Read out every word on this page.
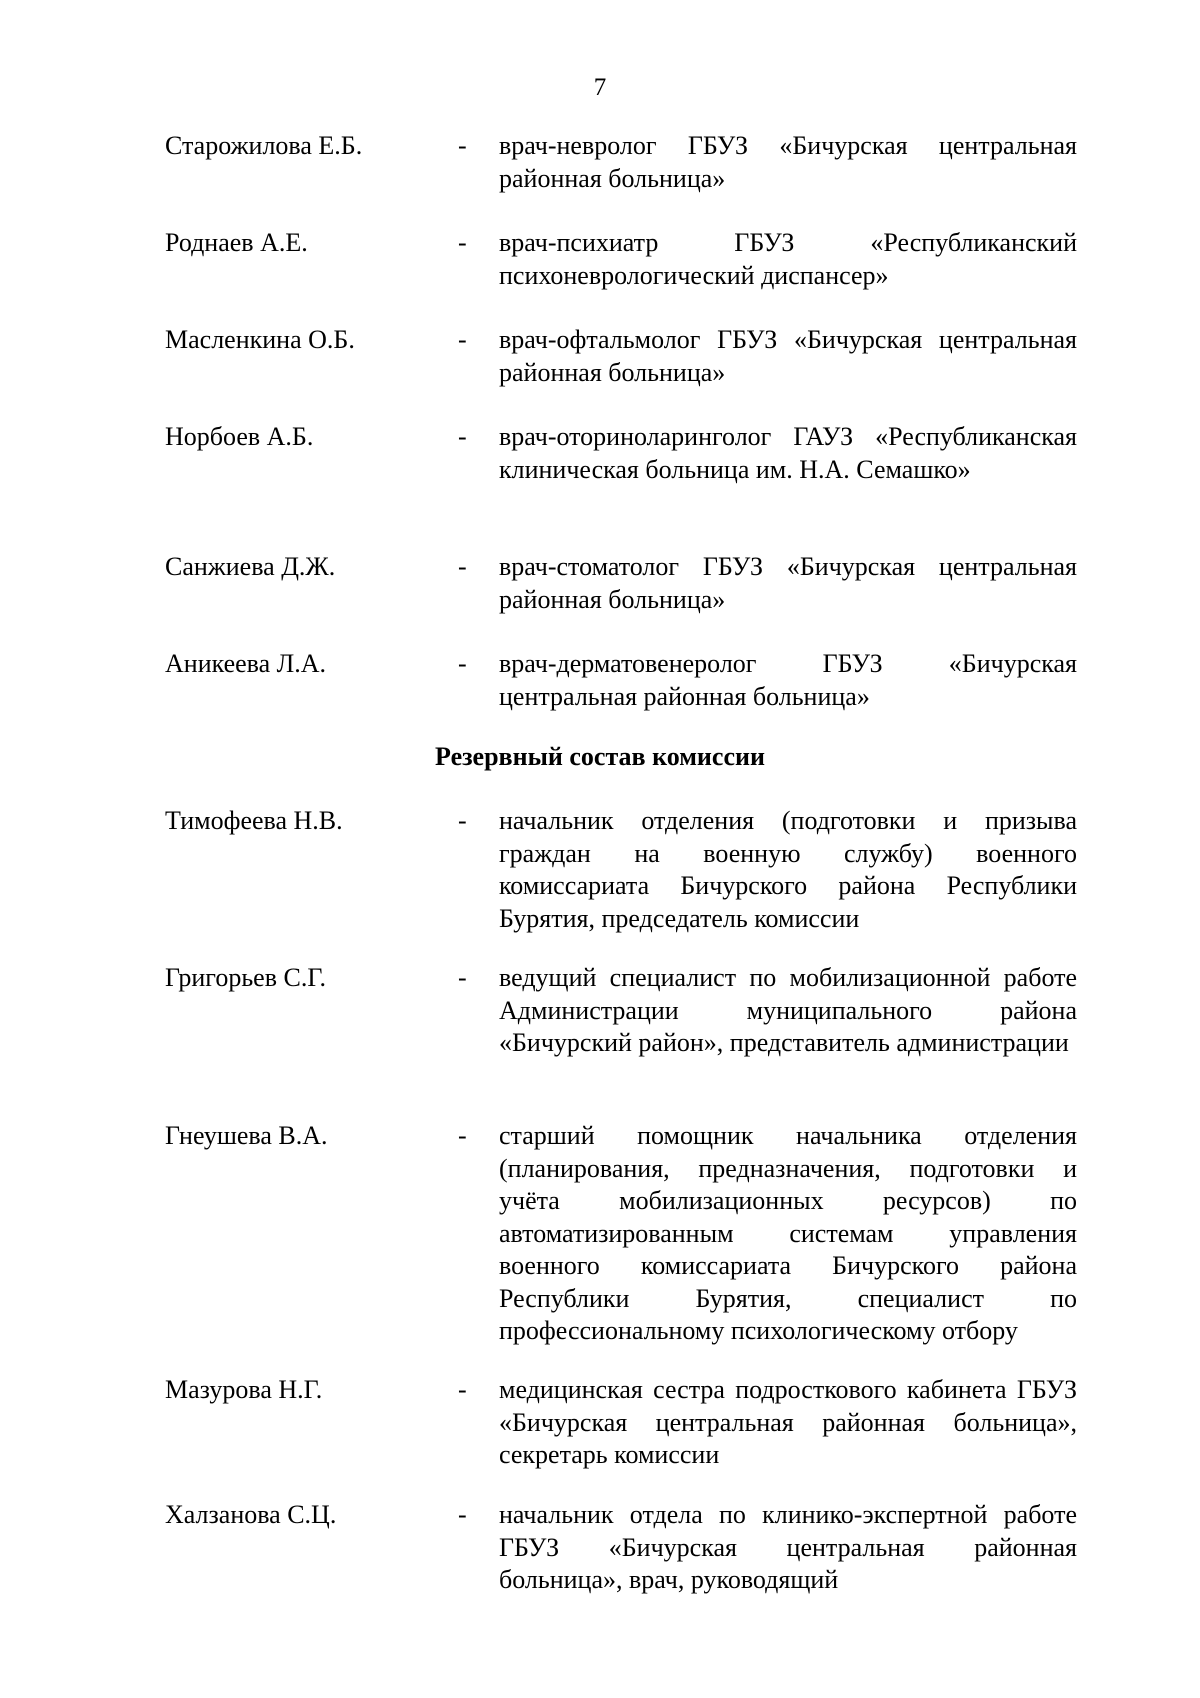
7
Старожилова Е.Б.	- врач-невролог ГБУЗ «Бичурская центральная районная больница»
Роднаев А.Е.	- врач-психиатр ГБУЗ «Республиканский психоневрологический диспансер»
Масленкина О.Б.	- врач-офтальмолог ГБУЗ «Бичурская центральная районная больница»
Норбоев А.Б.	- врач-оториноларинголог ГАУЗ «Республиканская клиническая больница им. Н.А. Семашко»
Санжиева Д.Ж.	- врач-стоматолог ГБУЗ «Бичурская центральная районная больница»
Аникеева Л.А.	- врач-дерматовенеролог ГБУЗ «Бичурская центральная районная больница»
Резервный состав комиссии
Тимофеева Н.В.	- начальник отделения (подготовки и призыва граждан на военную службу) военного комиссариата Бичурского района Республики Бурятия, председатель комиссии
Григорьев С.Г.	- ведущий специалист по мобилизационной работе Администрации муниципального района «Бичурский район», представитель администрации
Гнеушева В.А.	- старший помощник начальника отделения (планирования, предназначения, подготовки и учёта мобилизационных ресурсов) по автоматизированным системам управления военного комиссариата Бичурского района Республики Бурятия, специалист по профессиональному психологическому отбору
Мазурова Н.Г.	- медицинская сестра подросткового кабинета ГБУЗ «Бичурская центральная районная больница», секретарь комиссии
Халзанова С.Ц.	- начальник отдела по клинико-экспертной работе ГБУЗ «Бичурская центральная районная больница», врач, руководящий
